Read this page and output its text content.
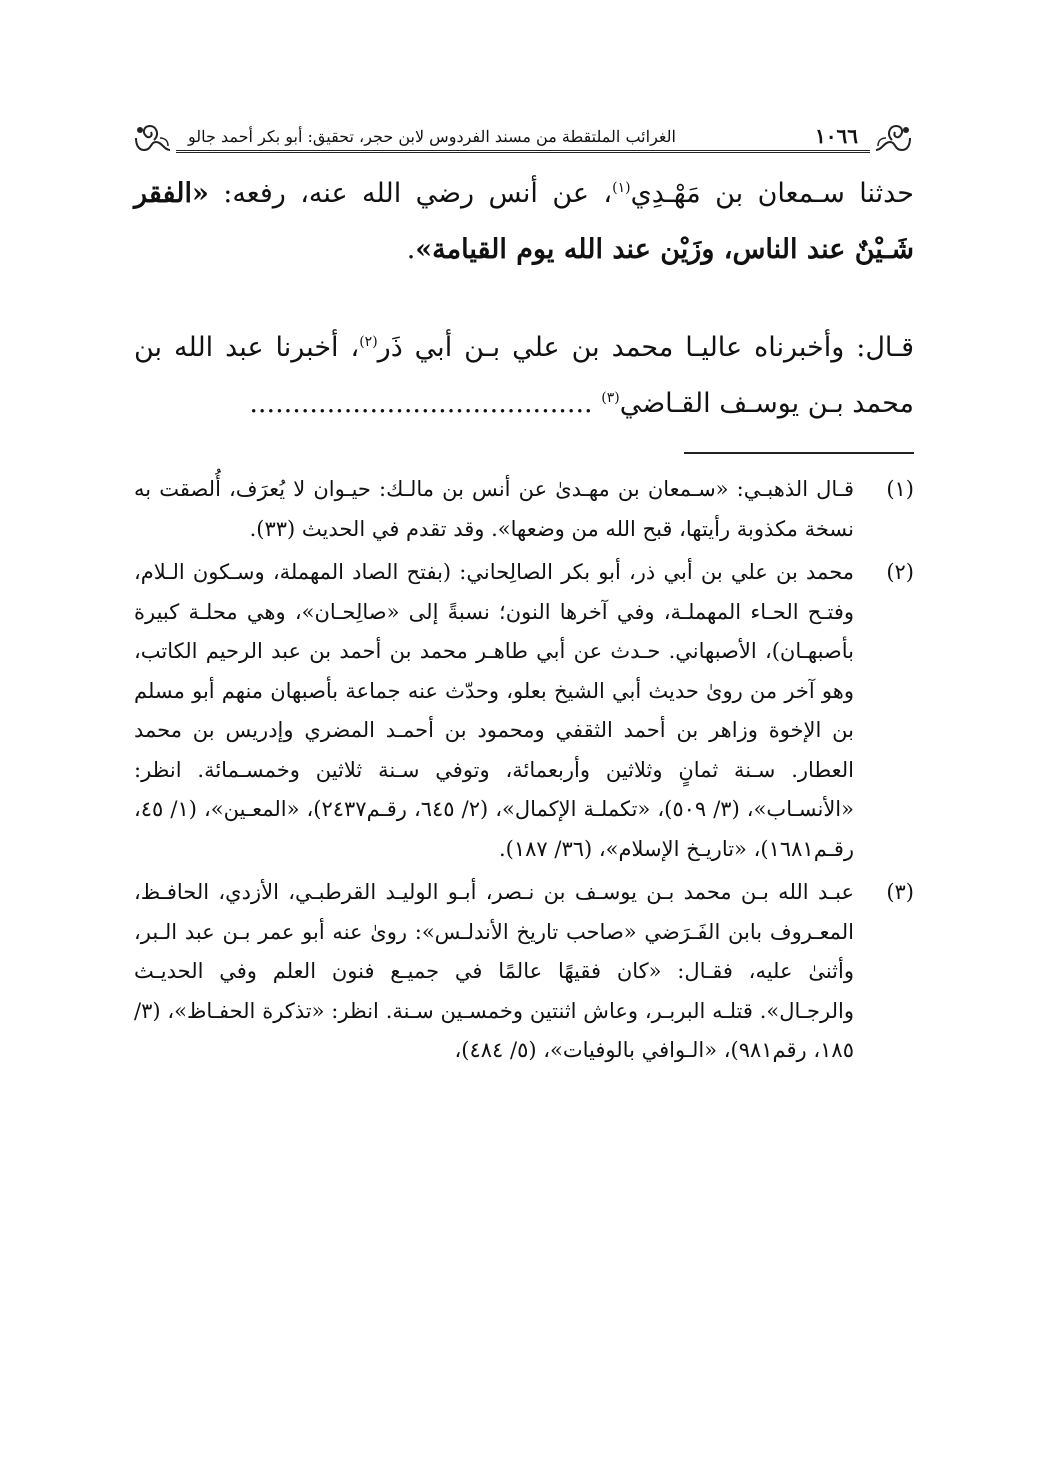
١٠٦٦
الغرائب الملتقطة من مسند الفردوس لابن حجر، تحقيق: أبو بكر أحمد جالو
حدثنا سـمعان بن مَهْـدِي$^{(١)}$، عن أنس رضي الله عنه، رفعه: «الفقر شَـيْنٌ عند الناس، وزَيْن عند الله يوم القيامة».
قـال: وأخبرناه عاليـا محمد بن علي بـن أبي ذَر$^{(٢)}$، أخبرنا عبد الله بن محمد بـن يوسـف القـاضي$^{(٣)}$ ........................................
(١)
قـال الذهبـي: «سـمعان بن مهـدىٰ عن أنس بن مالـك: حيـوان لا يُعرَف، أُلصقت به نسخة مكذوبة رأيتها، قبح الله من وضعها». وقد تقدم في الحديث (٣٣).
(٢)
محمد بن علي بن أبي ذر، أبو بكر الصالِحاني: (بفتح الصاد المهملة، وسـكون الـلام، وفتـح الحـاء المهملـة، وفي آخرها النون؛ نسبةً إلى «صالِحـان»، وهي محلـة كبيرة بأصبهـان)، الأصبهاني. حـدث عن أبي طاهـر محمد بن أحمد بن عبد الرحيم الكاتب، وهو آخر من روىٰ حديث أبي الشيخ بعلو، وحدّث عنه جماعة بأصبهان منهم أبو مسلم بن الإخوة وزاهر بن أحمد الثقفي ومحمود بن أحمـد المضري وإدريس بن محمد العطار. سـنة ثمانٍ وثلاثين وأربعمائة، وتوفي سـنة ثلاثين وخمسـمائة. انظر: «الأنسـاب»، (٣/ ٥٠٩)، «تكملـة الإكمال»، (٢/ ٦٤٥، رقـم٢٤٣٧)، «المعـين»، (١/ ٤٥، رقـم١٦٨١)، «تاريـخ الإسلام»، (٣٦/ ١٨٧).
(٣)
عبـد الله بـن محمد بـن يوسـف بن نـصر، أبـو الوليـد القرطبـي، الأزدي، الحافـظ، المعـروف بابن الفَـرَضي «صاحب تاريخ الأندلـس»: روىٰ عنه أبو عمر بـن عبد الـبر، وأثنىٰ عليه، فقـال: «كان فقيهًا عالمًا في جميـع فنون العلم وفي الحديـث والرجـال». قتلـه البربـر، وعاش اثنتين وخمسـين سـنة. انظر: «تذكرة الحفـاظ»، (٣/ ١٨٥، رقم٩٨١)، «الـوافي بالوفيات»، (٥/ ٤٨٤)،
